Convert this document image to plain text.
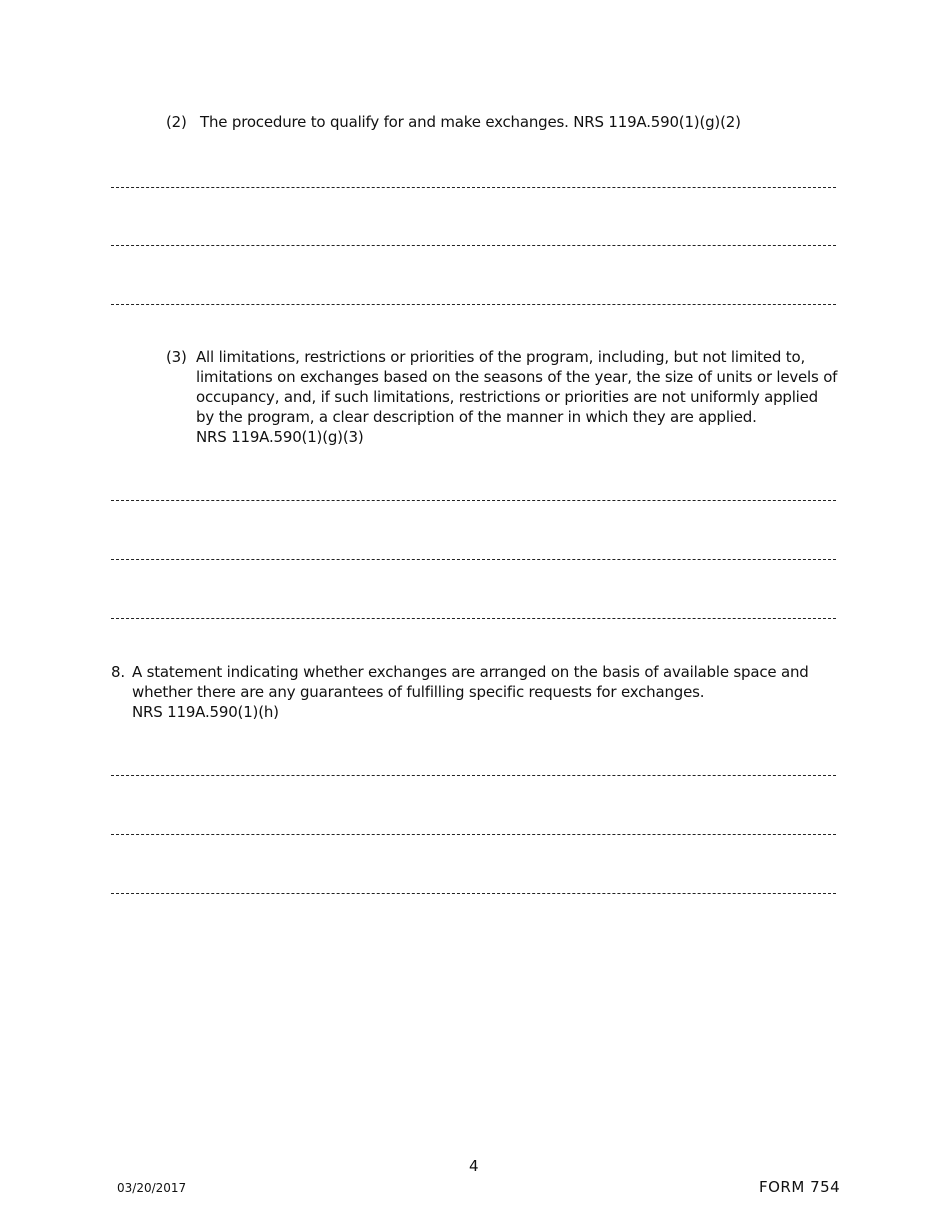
(2) The procedure to qualify for and make exchanges. NRS 119A.590(1)(g)(2)
(3) All limitations, restrictions or priorities of the program, including, but not limited to,
limitations on exchanges based on the seasons of the year, the size of units or levels of
occupancy, and, if such limitations, restrictions or priorities are not uniformly applied
by the program, a clear description of the manner in which they are applied.
NRS 119A.590(1)(g)(3)
8. A statement indicating whether exchanges are arranged on the basis of available space and
whether there are any guarantees of fulfilling specific requests for exchanges.
NRS 119A.590(1)(h)
4
03/20/2017	FORM 754
